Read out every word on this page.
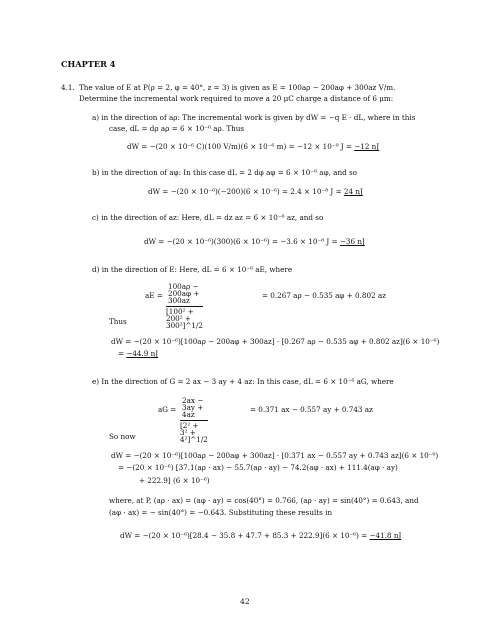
CHAPTER 4
4.1. The value of E at P(ρ = 2, φ = 40°, z = 3) is given as E = 100aρ − 200aφ + 300az V/m.
Determine the incremental work required to move a 20 μC charge a distance of 6 μm:
a) in the direction of aρ: The incremental work is given by dW = −q E · dL, where in this
case, dL = dρ aρ = 6 × 10⁻⁶ aρ. Thus
dW = −(20 × 10⁻⁶ C)(100 V/m)(6 × 10⁻⁶ m) = −12 × 10⁻⁹ J = −12 nJ
b) in the direction of aφ: In this case dL = 2 dφ aφ = 6 × 10⁻⁶ aφ, and so
dW = −(20 × 10⁻⁶)(−200)(6 × 10⁻⁶) = 2.4 × 10⁻⁸ J = 24 nJ
c) in the direction of az: Here, dL = dz az = 6 × 10⁻⁶ az, and so
dW = −(20 × 10⁻⁶)(300)(6 × 10⁻⁶) = −3.6 × 10⁻⁸ J = −36 nJ
d) in the direction of E: Here, dL = 6 × 10⁻⁶ aE, where
aE = $\frac{100a\rho - 200a\varphi + 300az}{\text{[100² + 200² + 300²]\textasciicircum{}1/2}}$	= 0.267 aρ − 0.535 aφ + 0.802 az
Thus
dW = −(20 × 10⁻⁶)[100aρ − 200aφ + 300az] · [0.267 aρ − 0.535 aφ + 0.802 az](6 × 10⁻⁶)
= −44.9 nJ
e) In the direction of G = 2 ax − 3 ay + 4 az: In this case, dL = 6 × 10⁻⁶ aG, where
aG = $\frac{2ax - 3ay + 4az}{\text{[2² + 3² + 4²]\textasciicircum{}1/2}}$	= 0.371 ax − 0.557 ay + 0.743 az
So now
dW = −(20 × 10⁻⁶)[100aρ − 200aφ + 300az] · [0.371 ax − 0.557 ay + 0.743 az](6 × 10⁻⁶)
= −(20 × 10⁻⁶) [37.1(aρ · ax) − 55.7(aρ · ay) − 74.2(aφ · ax) + 111.4(aφ · ay)
+ 222.9] (6 × 10⁻⁶)
where, at P, (aρ · ax) = (aφ · ay) = cos(40°) = 0.766, (aρ · ay) = sin(40°) = 0.643, and
(aφ · ax) = − sin(40°) = −0.643. Substituting these results in
dW = −(20 × 10⁻⁶)[28.4 − 35.8 + 47.7 + 85.3 + 222.9](6 × 10⁻⁶) = −41.8 nJ
42
